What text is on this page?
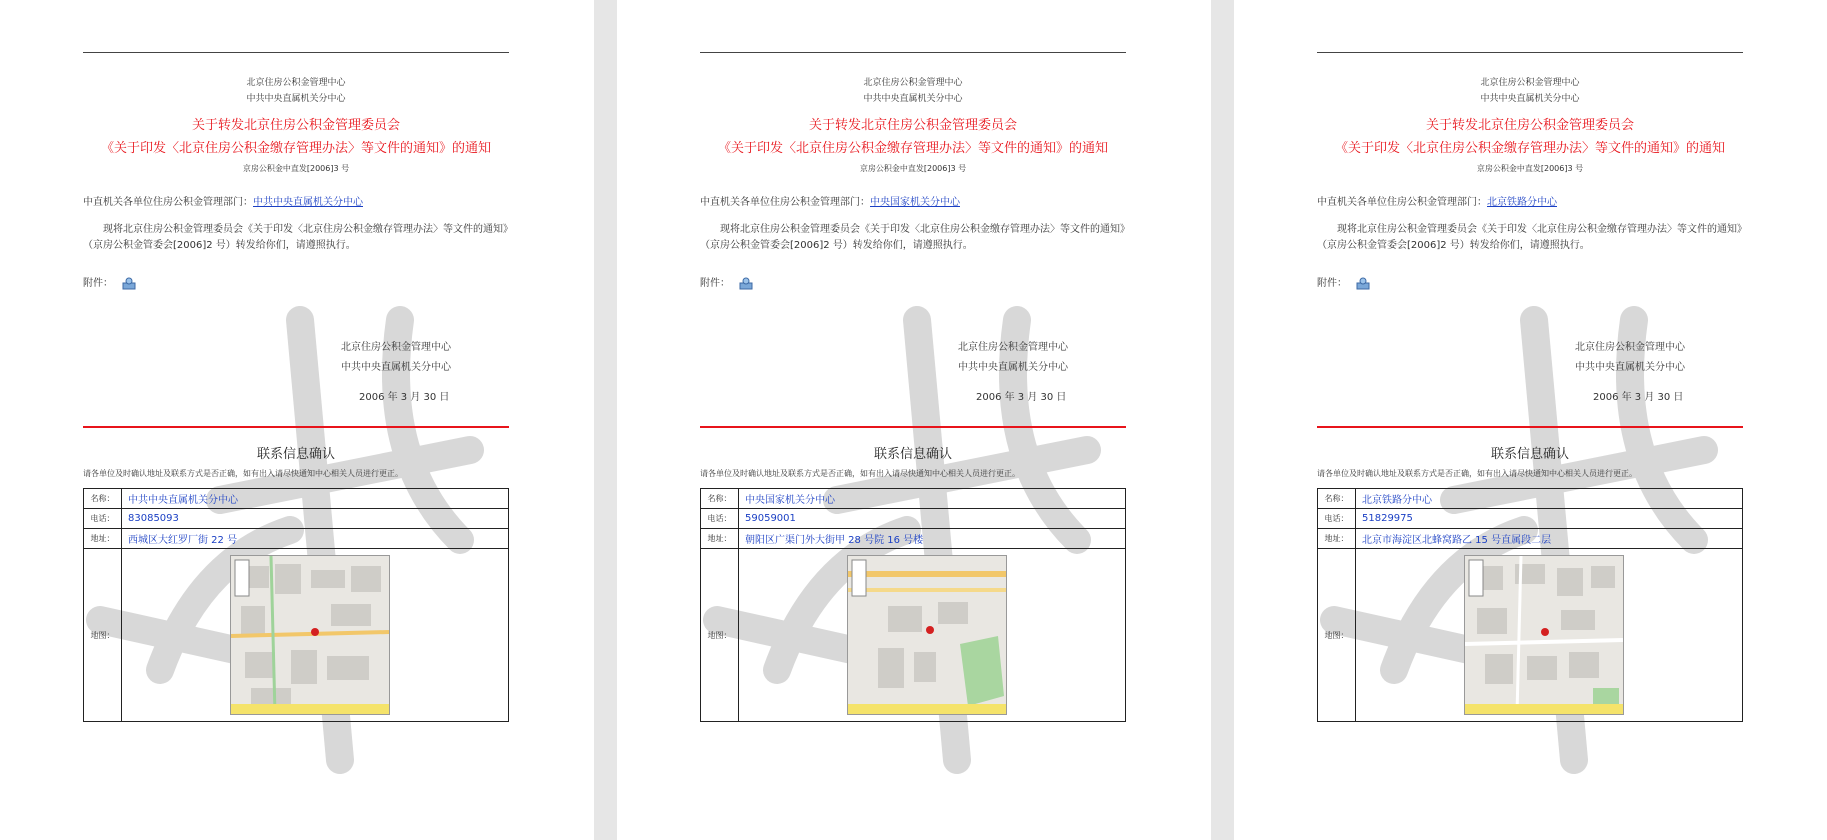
北京住房公积金管理中心
中共中央直属机关分中心
关于转发北京住房公积金管理委员会
《关于印发〈北京住房公积金缴存管理办法〉等文件的通知》的通知
京房公积金中直发[2006]3 号
中直机关各单位住房公积金管理部门：中共中央直属机关分中心
现将北京住房公积金管理委员会《关于印发〈北京住房公积金缴存管理办法〉等文件的通知》（京房公积金管委会[2006]2 号）转发给你们，请遵照执行。
附件：
北京住房公积金管理中心
中共中央直属机关分中心
2006 年 3 月 30 日
联系信息确认
请各单位及时确认地址及联系方式是否正确，如有出入请尽快通知中心相关人员进行更正。
名称：	中共中央直属机关分中心
电话：	83085093
地址：	西城区大红罗厂街 22 号
地图：	
北京住房公积金管理中心
中共中央直属机关分中心
关于转发北京住房公积金管理委员会
《关于印发〈北京住房公积金缴存管理办法〉等文件的通知》的通知
京房公积金中直发[2006]3 号
中直机关各单位住房公积金管理部门：中央国家机关分中心
现将北京住房公积金管理委员会《关于印发〈北京住房公积金缴存管理办法〉等文件的通知》（京房公积金管委会[2006]2 号）转发给你们，请遵照执行。
附件：
北京住房公积金管理中心
中共中央直属机关分中心
2006 年 3 月 30 日
联系信息确认
请各单位及时确认地址及联系方式是否正确，如有出入请尽快通知中心相关人员进行更正。
名称：	中央国家机关分中心
电话：	59059001
地址：	朝阳区广渠门外大街甲 28 号院 16 号楼
地图：	
北京住房公积金管理中心
中共中央直属机关分中心
关于转发北京住房公积金管理委员会
《关于印发〈北京住房公积金缴存管理办法〉等文件的通知》的通知
京房公积金中直发[2006]3 号
中直机关各单位住房公积金管理部门：北京铁路分中心
现将北京住房公积金管理委员会《关于印发〈北京住房公积金缴存管理办法〉等文件的通知》（京房公积金管委会[2006]2 号）转发给你们，请遵照执行。
附件：
北京住房公积金管理中心
中共中央直属机关分中心
2006 年 3 月 30 日
联系信息确认
请各单位及时确认地址及联系方式是否正确，如有出入请尽快通知中心相关人员进行更正。
名称：	北京铁路分中心
电话：	51829975
地址：	北京市海淀区北蜂窝路乙 15 号直属段二层
地图：	
